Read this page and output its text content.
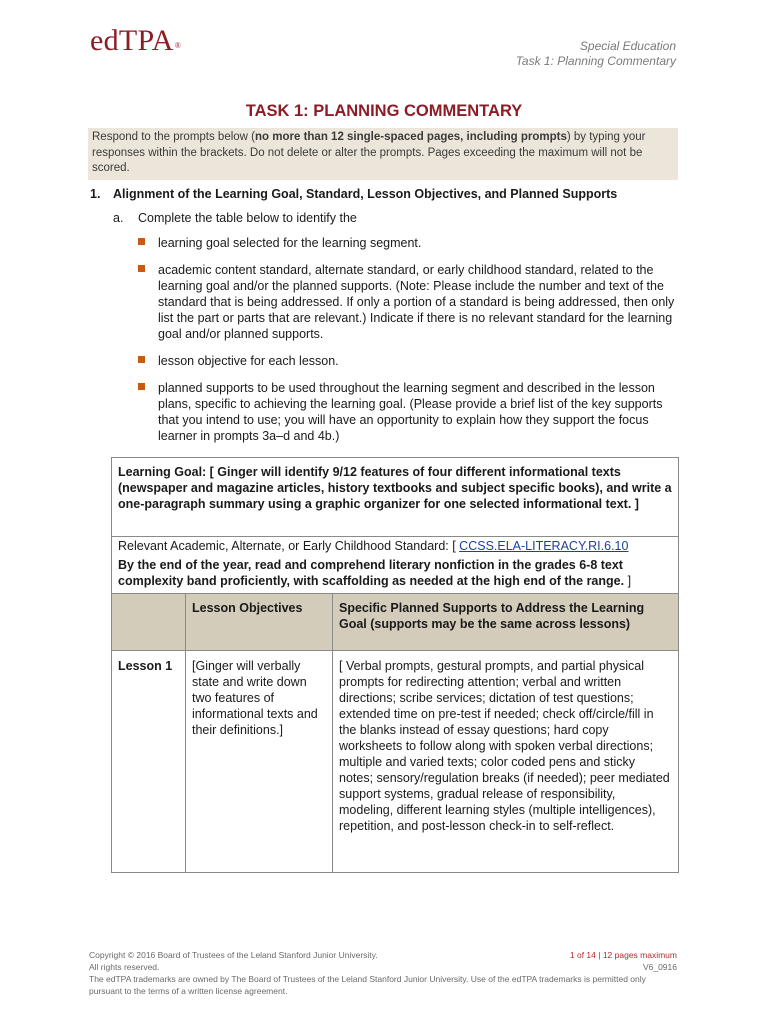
edTPA®	Special Education
Task 1: Planning Commentary
TASK 1: PLANNING COMMENTARY
Respond to the prompts below (no more than 12 single-spaced pages, including prompts) by typing your responses within the brackets. Do not delete or alter the prompts. Pages exceeding the maximum will not be scored.
1. Alignment of the Learning Goal, Standard, Lesson Objectives, and Planned Supports
a. Complete the table below to identify the
learning goal selected for the learning segment.
academic content standard, alternate standard, or early childhood standard, related to the learning goal and/or the planned supports. (Note: Please include the number and text of the standard that is being addressed. If only a portion of a standard is being addressed, then only list the part or parts that are relevant.) Indicate if there is no relevant standard for the learning goal and/or planned supports.
lesson objective for each lesson.
planned supports to be used throughout the learning segment and described in the lesson plans, specific to achieving the learning goal. (Please provide a brief list of the key supports that you intend to use; you will have an opportunity to explain how they support the focus learner in prompts 3a–d and 4b.)
Learning Goal: [ Ginger will identify 9/12 features of four different informational texts (newspaper and magazine articles, history textbooks and subject specific books), and write a one-paragraph summary using a graphic organizer for one selected informational text. ]		
Relevant Academic, Alternate, or Early Childhood Standard: [ CCSS.ELA-LITERACY.RI.6.10
By the end of the year, read and comprehend literary nonfiction in the grades 6-8 text complexity band proficiently, with scaffolding as needed at the high end of the range. ]		

	Lesson Objectives	Specific Planned Supports to Address the Learning Goal (supports may be the same across lessons)
Lesson 1	[Ginger will verbally state and write down two features of informational texts and their definitions.]	[ Verbal prompts, gestural prompts, and partial physical prompts for redirecting attention; verbal and written directions; scribe services; dictation of test questions; extended time on pre-test if needed; check off/circle/fill in the blanks instead of essay questions; hard copy worksheets to follow along with spoken verbal directions; multiple and varied texts; color coded pens and sticky notes; sensory/regulation breaks (if needed); peer mediated support systems, gradual release of responsibility, modeling, different learning styles (multiple intelligences), repetition, and post-lesson check-in to self-reflect.
Copyright © 2016 Board of Trustees of the Leland Stanford Junior University.
All rights reserved.
The edTPA trademarks are owned by The Board of Trustees of the Leland Stanford Junior University. Use of the edTPA trademarks is permitted only pursuant to the terms of a written license agreement.
1 of 14 | 12 pages maximum
V6_0916
